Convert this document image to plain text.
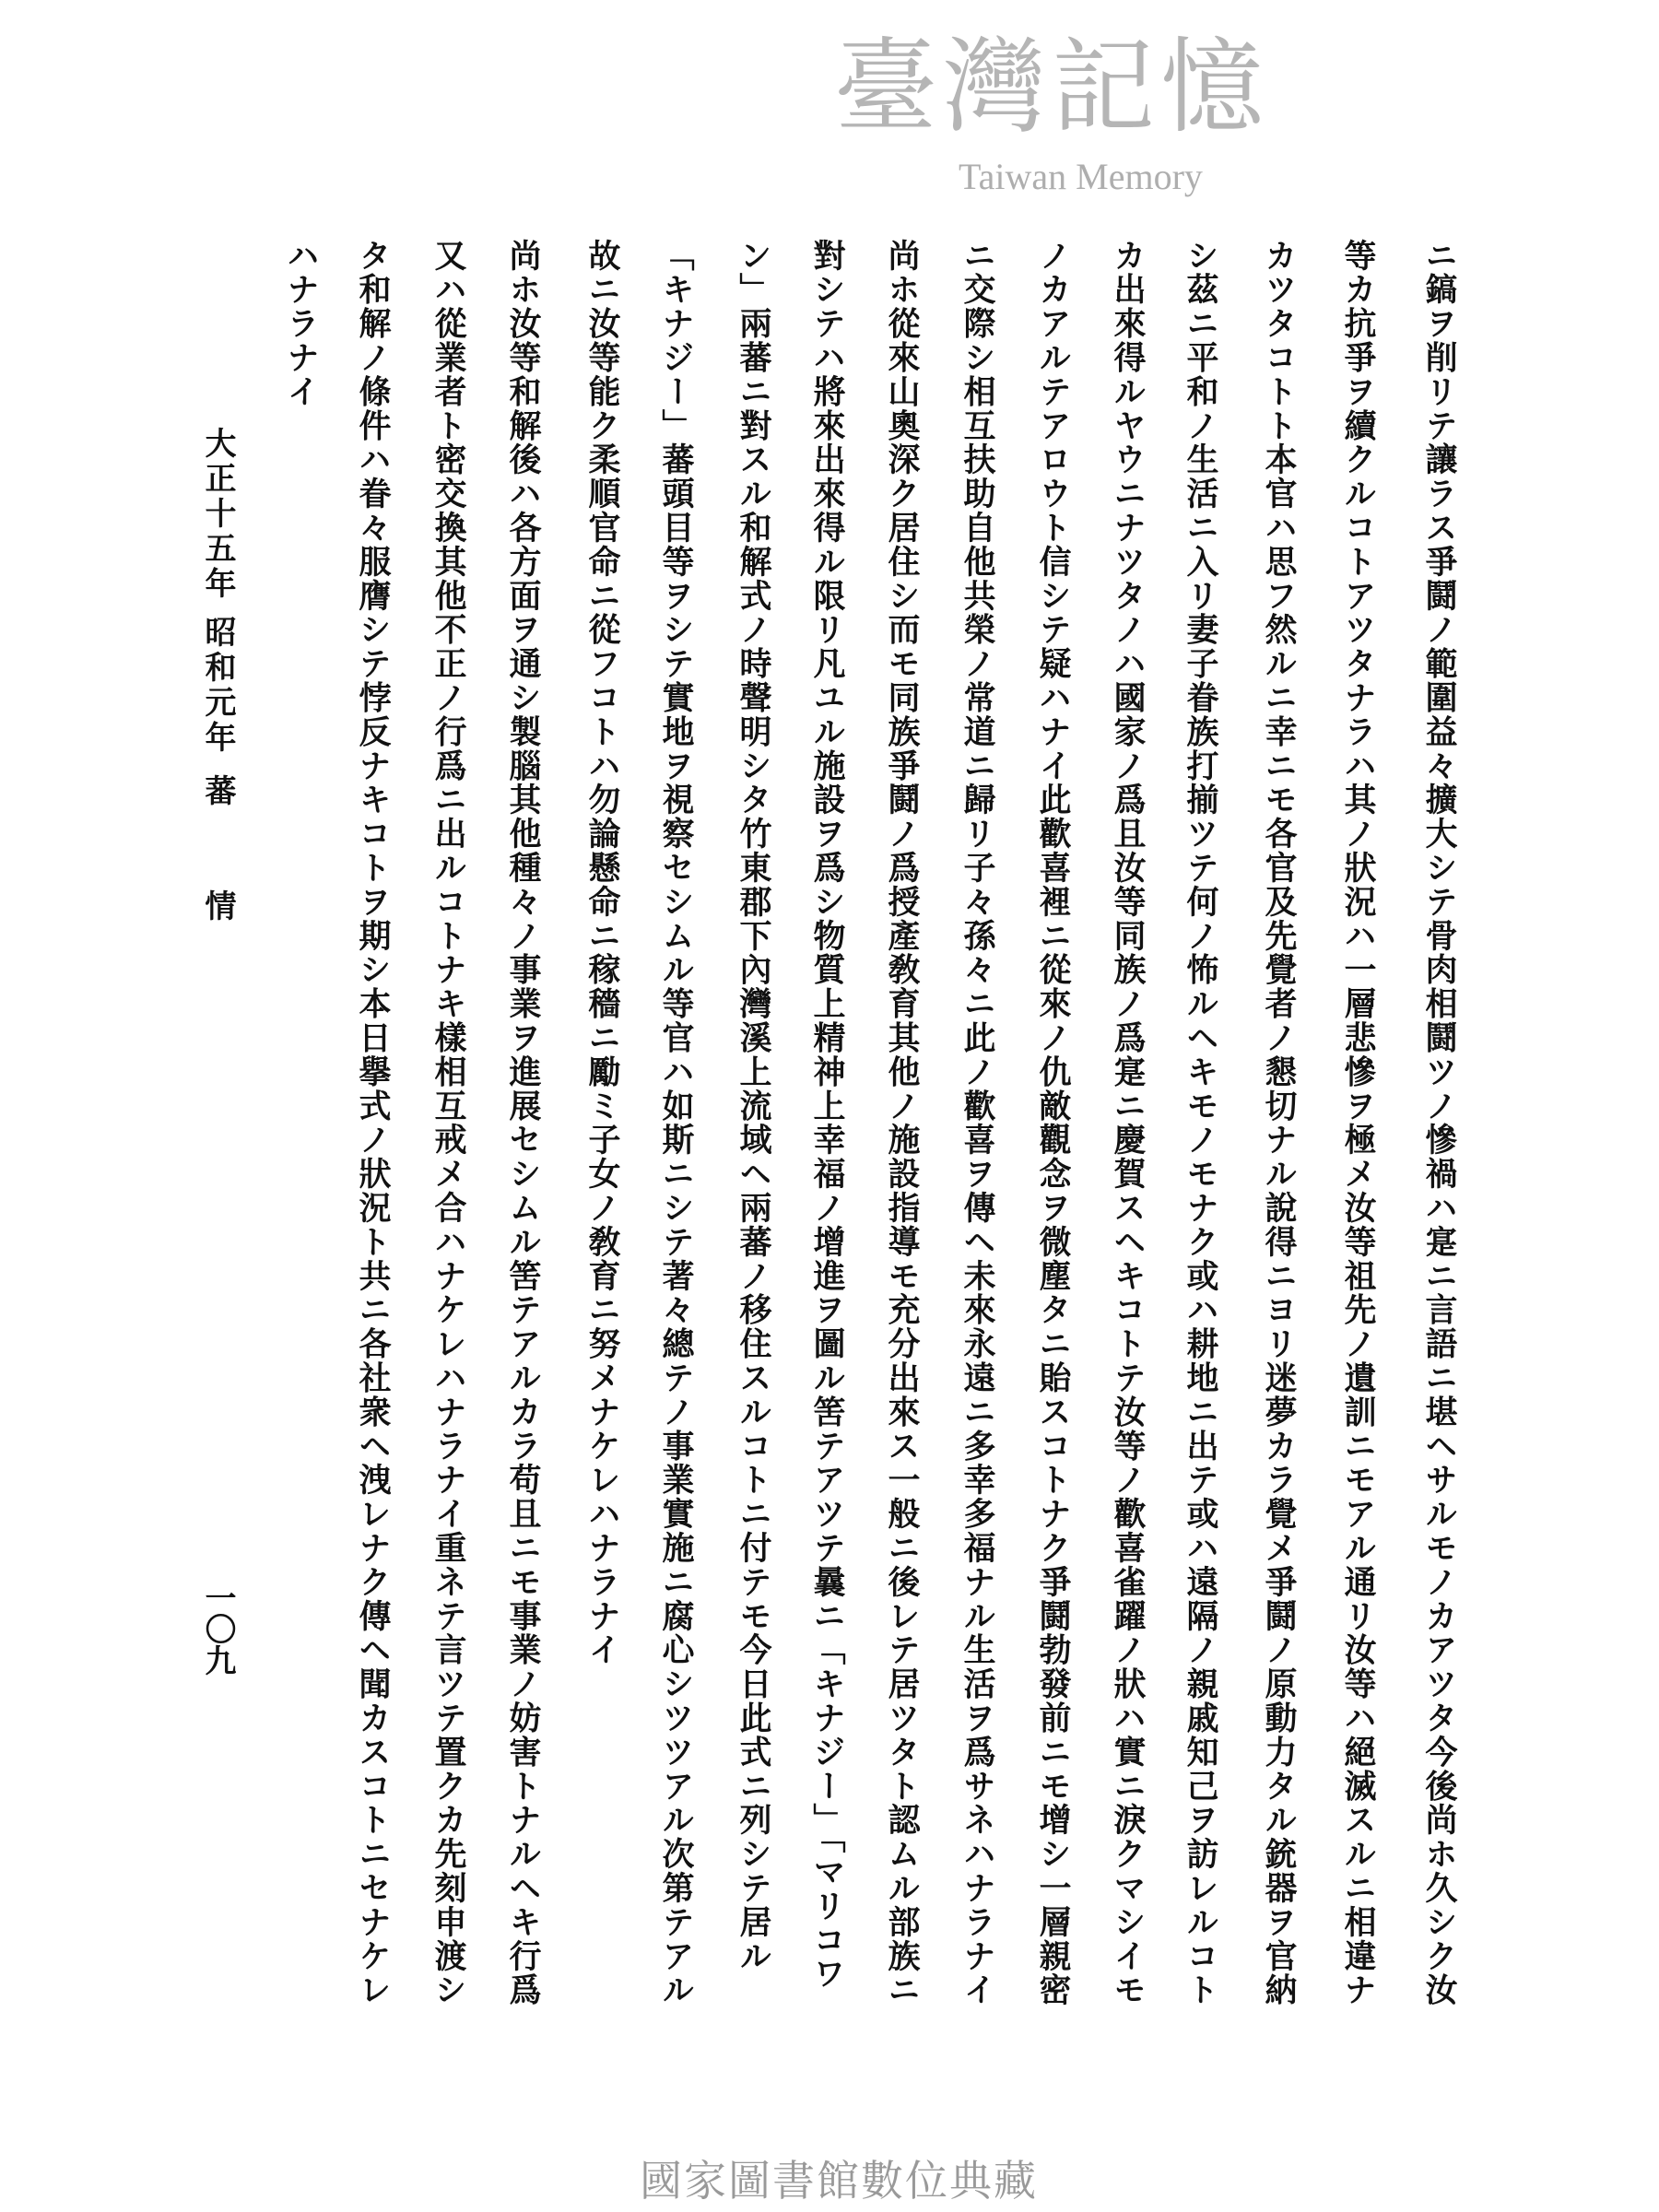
臺灣記憶
Taiwan Memory
ニ鎬ヲ削リテ讓ラス爭鬪ノ範圍益々擴大シテ骨肉相鬪ツノ慘禍ハ寔ニ言語ニ堪ヘサルモノカアツタ今後尚ホ久シク汝
等カ抗爭ヲ續クルコトアツタナラハ其ノ狀況ハ一層悲慘ヲ極メ汝等祖先ノ遺訓ニモアル通リ汝等ハ絕滅スルニ相違ナ
カツタコトト本官ハ思フ然ルニ幸ニモ各官及先覺者ノ懇切ナル說得ニヨリ迷夢カラ覺メ爭鬪ノ原動力タル銃器ヲ官納
シ茲ニ平和ノ生活ニ入リ妻子眷族打揃ツテ何ノ怖ルヘキモノモナク或ハ耕地ニ出テ或ハ遠隔ノ親戚知己ヲ訪レルコト
カ出來得ルヤウニナツタノハ國家ノ爲且汝等同族ノ爲寔ニ慶賀スヘキコトテ汝等ノ歡喜雀躍ノ狀ハ實ニ淚クマシイモ
ノカアルテアロウト信シテ疑ハナイ此歡喜裡ニ從來ノ仇敵觀念ヲ微塵タニ貽スコトナク爭鬪勃發前ニモ增シ一層親密
ニ交際シ相互扶助自他共榮ノ常道ニ歸リ子々孫々ニ此ノ歡喜ヲ傳ヘ未來永遠ニ多幸多福ナル生活ヲ爲サネハナラナイ
尚ホ從來山奧深ク居住シ而モ同族爭鬪ノ爲授產敎育其他ノ施設指導モ充分出來ス一般ニ後レテ居ツタト認ムル部族ニ
對シテハ將來出來得ル限リ凡ユル施設ヲ爲シ物質上精神上幸福ノ增進ヲ圖ル筈テアツテ曩ニ「キナジー」「マリコワ
ン」兩蕃ニ對スル和解式ノ時聲明シタ竹東郡下內灣溪上流域ヘ兩蕃ノ移住スルコトニ付テモ今日此式ニ列シテ居ル
「キナジー」蕃頭目等ヲシテ實地ヲ視察セシムル等官ハ如斯ニシテ著々總テノ事業實施ニ腐心シツツアル次第テアル
故ニ汝等能ク柔順官命ニ從フコトハ勿論懸命ニ稼穡ニ勵ミ子女ノ敎育ニ努メナケレハナラナイ
尚ホ汝等和解後ハ各方面ヲ通シ製腦其他種々ノ事業ヲ進展セシムル筈テアルカラ苟且ニモ事業ノ妨害トナルヘキ行爲
又ハ從業者ト密交換其他不正ノ行爲ニ出ルコトナキ樣相互戒メ合ハナケレハナラナイ重ネテ言ツテ置クカ先刻申渡シ
タ和解ノ條件ハ眷々服膺シテ悖反ナキコトヲ期シ本日擧式ノ狀況ト共ニ各社衆ヘ洩レナク傳ヘ聞カスコトニセナケレ
ハナラナイ
大正十五年
昭和元年
蕃
情
一〇九
國家圖書館數位典藏
